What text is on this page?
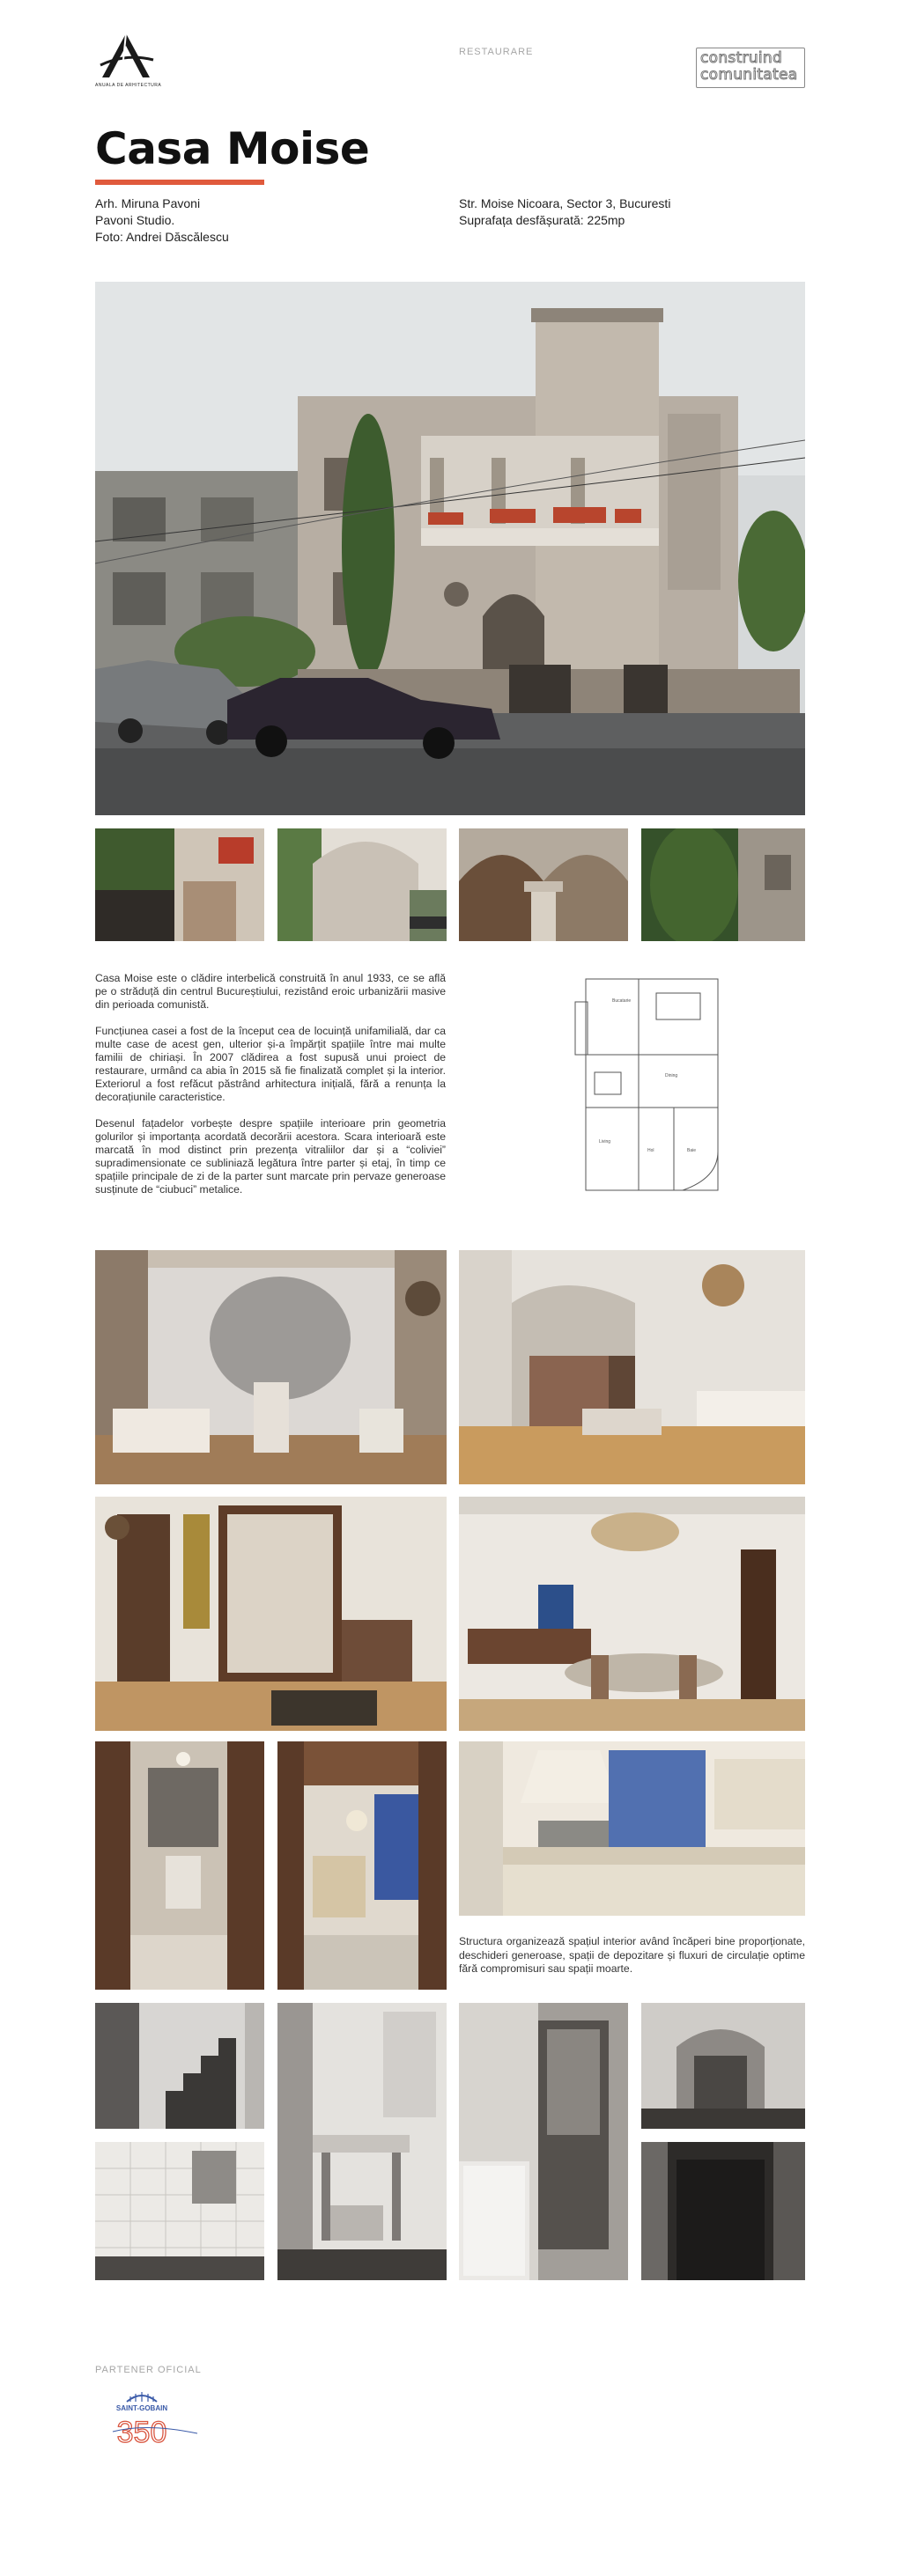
ANUALA DE ARHITECTURA
RESTAURARE	construind
comunitatea
Casa Moise
Arh. Miruna Pavoni
Pavoni Studio.
Foto: Andrei Dăscălescu
Str. Moise Nicoara, Sector 3, Bucuresti
Suprafața desfășurată: 225mp

Casa Moise este o clădire interbelică construită în anul 1933, ce se află pe o străduță din centrul Bucureștiului, rezistând eroic urbanizării masive din perioada comunistă.

Funcțiunea casei a fost de la început cea de locuință unifamilială, dar ca multe case de acest gen, ulterior și-a împărțit spațiile între mai multe familii de chiriași. În 2007 clădirea a fost supusă unui proiect de restaurare, urmând ca abia în 2015 să fie finalizată complet și la interior. Exteriorul a fost refăcut păstrând arhitectura inițială, fără a renunța la decorațiunile caracteristice.

Desenul fațadelor vorbește despre spațiile interioare prin geometria golurilor și importanța acordată decorării acestora. Scara interioară este marcată în mod distinct prin prezența vitraliilor dar și a “coliviei” supradimensionate ce subliniază legătura între parter și etaj, în timp ce spațiile principale de zi de la parter sunt marcate prin pervaze generoase susținute de “ciubuci” metalice.

Bucatarie
Dining
Living
Hol	Baie
Structura organizează spațiul interior având încăperi bine proporționate, deschideri generoase, spații de depozitare și fluxuri de circulație optime fără compromisuri sau spații moarte.
PARTENER OFICIAL
SAINT-GOBAIN
350
